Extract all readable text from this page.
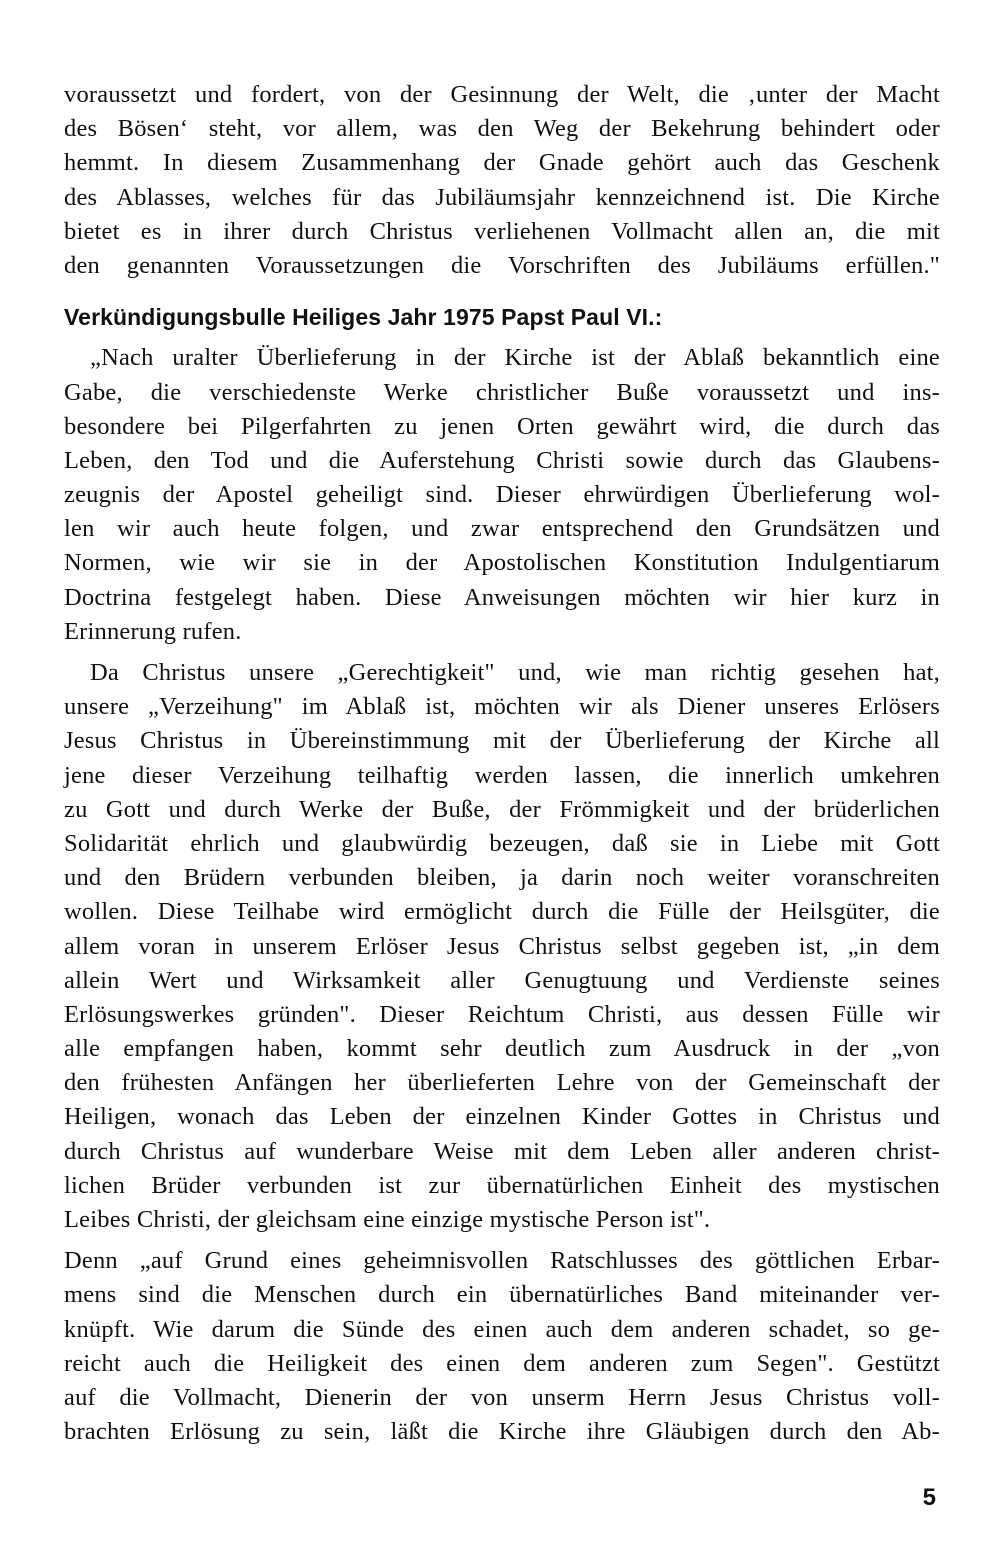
voraussetzt und fordert, von der Gesinnung der Welt, die ‚unter der Macht
des Bösen‘ steht, vor allem, was den Weg der Bekehrung behindert oder
hemmt. In diesem Zusammenhang der Gnade gehört auch das Geschenk
des Ablasses, welches für das Jubiläumsjahr kennzeichnend ist. Die Kirche
bietet es in ihrer durch Christus verliehenen Vollmacht allen an, die mit
den genannten Voraussetzungen die Vorschriften des Jubiläums erfüllen."
Verkündigungsbulle Heiliges Jahr 1975 Papst Paul VI.:
„Nach uralter Überlieferung in der Kirche ist der Ablaß bekanntlich eine
Gabe, die verschiedenste Werke christlicher Buße voraussetzt und ins-
besondere bei Pilgerfahrten zu jenen Orten gewährt wird, die durch das
Leben, den Tod und die Auferstehung Christi sowie durch das Glaubens-
zeugnis der Apostel geheiligt sind. Dieser ehrwürdigen Überlieferung wol-
len wir auch heute folgen, und zwar entsprechend den Grundsätzen und
Normen, wie wir sie in der Apostolischen Konstitution Indulgentiarum
Doctrina festgelegt haben. Diese Anweisungen möchten wir hier kurz in
Erinnerung rufen.
Da Christus unsere „Gerechtigkeit" und, wie man richtig gesehen hat,
unsere „Verzeihung" im Ablaß ist, möchten wir als Diener unseres Erlösers
Jesus Christus in Übereinstimmung mit der Überlieferung der Kirche all
jene dieser Verzeihung teilhaftig werden lassen, die innerlich umkehren
zu Gott und durch Werke der Buße, der Frömmigkeit und der brüderlichen
Solidarität ehrlich und glaubwürdig bezeugen, daß sie in Liebe mit Gott
und den Brüdern verbunden bleiben, ja darin noch weiter voranschreiten
wollen. Diese Teilhabe wird ermöglicht durch die Fülle der Heilsgüter, die
allem voran in unserem Erlöser Jesus Christus selbst gegeben ist, „in dem
allein Wert und Wirksamkeit aller Genugtuung und Verdienste seines
Erlösungswerkes gründen". Dieser Reichtum Christi, aus dessen Fülle wir
alle empfangen haben, kommt sehr deutlich zum Ausdruck in der „von
den frühesten Anfängen her überlieferten Lehre von der Gemeinschaft der
Heiligen, wonach das Leben der einzelnen Kinder Gottes in Christus und
durch Christus auf wunderbare Weise mit dem Leben aller anderen christ-
lichen Brüder verbunden ist zur übernatürlichen Einheit des mystischen
Leibes Christi, der gleichsam eine einzige mystische Person ist".
Denn „auf Grund eines geheimnisvollen Ratschlusses des göttlichen Erbar-
mens sind die Menschen durch ein übernatürliches Band miteinander ver-
knüpft. Wie darum die Sünde des einen auch dem anderen schadet, so ge-
reicht auch die Heiligkeit des einen dem anderen zum Segen". Gestützt
auf die Vollmacht, Dienerin der von unserm Herrn Jesus Christus voll-
brachten Erlösung zu sein, läßt die Kirche ihre Gläubigen durch den Ab-
5
